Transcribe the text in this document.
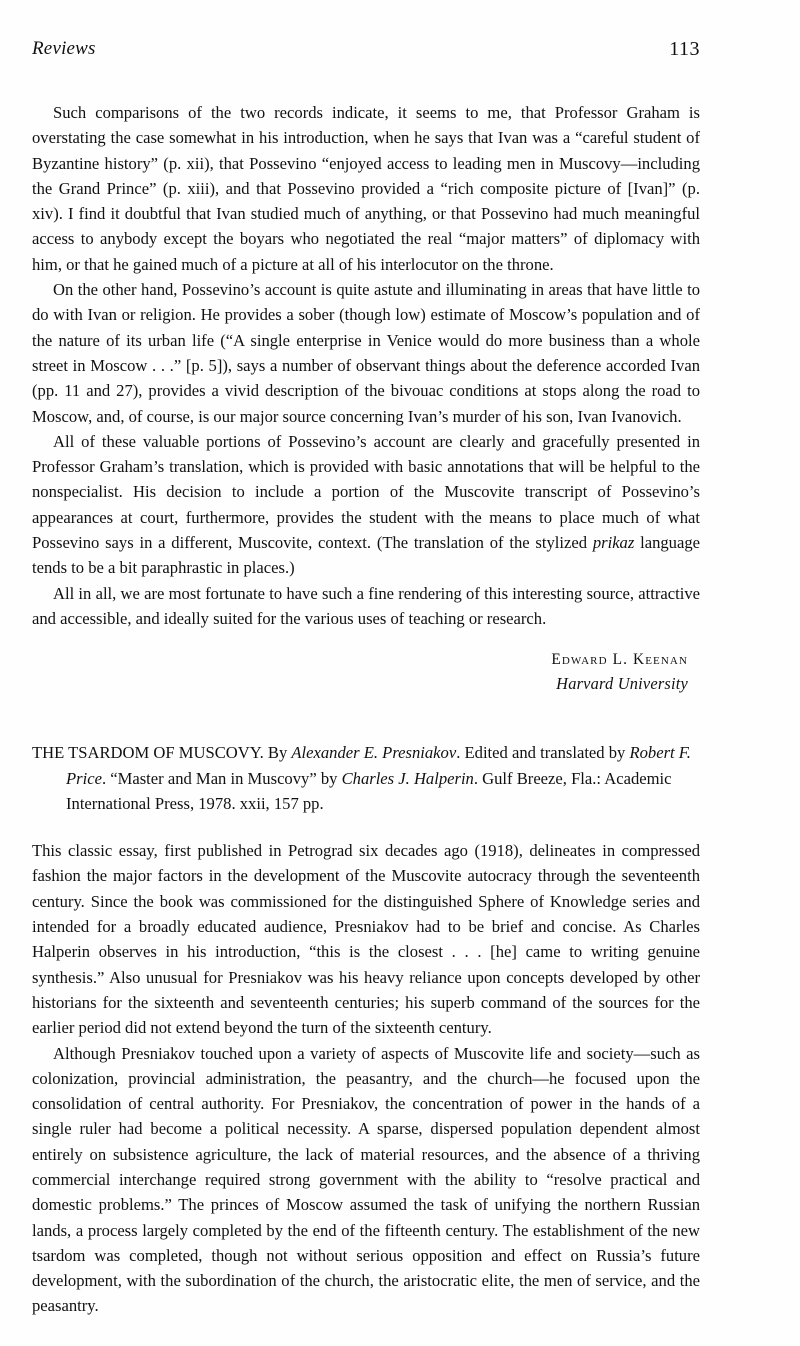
Reviews	113

Such comparisons of the two records indicate, it seems to me, that Professor Graham is overstating the case somewhat in his introduction, when he says that Ivan was a “careful student of Byzantine history” (p. xii), that Possevino “enjoyed access to leading men in Muscovy—including the Grand Prince” (p. xiii), and that Possevino provided a “rich composite picture of [Ivan]” (p. xiv). I find it doubtful that Ivan studied much of anything, or that Possevino had much meaningful access to anybody except the boyars who negotiated the real “major matters” of diplomacy with him, or that he gained much of a picture at all of his interlocutor on the throne.

On the other hand, Possevino’s account is quite astute and illuminating in areas that have little to do with Ivan or religion. He provides a sober (though low) estimate of Moscow’s population and of the nature of its urban life (“A single enterprise in Venice would do more business than a whole street in Moscow . . .” [p. 5]), says a number of observant things about the deference accorded Ivan (pp. 11 and 27), provides a vivid description of the bivouac conditions at stops along the road to Moscow, and, of course, is our major source concerning Ivan’s murder of his son, Ivan Ivanovich.

All of these valuable portions of Possevino’s account are clearly and gracefully presented in Professor Graham’s translation, which is provided with basic annotations that will be helpful to the nonspecialist. His decision to include a portion of the Muscovite transcript of Possevino’s appearances at court, furthermore, provides the student with the means to place much of what Possevino says in a different, Muscovite, context. (The translation of the stylized prikaz language tends to be a bit paraphrastic in places.)

All in all, we are most fortunate to have such a fine rendering of this interesting source, attractive and accessible, and ideally suited for the various uses of teaching or research.

Edward L. Keenan
Harvard University
THE TSARDOM OF MUSCOVY. By Alexander E. Presniakov. Edited and translated by Robert F. Price. “Master and Man in Muscovy” by Charles J. Halperin. Gulf Breeze, Fla.: Academic International Press, 1978. xxii, 157 pp.

This classic essay, first published in Petrograd six decades ago (1918), delineates in compressed fashion the major factors in the development of the Muscovite autocracy through the seventeenth century. Since the book was commissioned for the distinguished Sphere of Knowledge series and intended for a broadly educated audience, Presniakov had to be brief and concise. As Charles Halperin observes in his introduction, “this is the closest . . . [he] came to writing genuine synthesis.” Also unusual for Presniakov was his heavy reliance upon concepts developed by other historians for the sixteenth and seventeenth centuries; his superb command of the sources for the earlier period did not extend beyond the turn of the sixteenth century.

Although Presniakov touched upon a variety of aspects of Muscovite life and society—such as colonization, provincial administration, the peasantry, and the church—he focused upon the consolidation of central authority. For Presniakov, the concentration of power in the hands of a single ruler had become a political necessity. A sparse, dispersed population dependent almost entirely on subsistence agriculture, the lack of material resources, and the absence of a thriving commercial interchange required strong government with the ability to “resolve practical and domestic problems.” The princes of Moscow assumed the task of unifying the northern Russian lands, a process largely completed by the end of the fifteenth century. The establishment of the new tsardom was completed, though not without serious opposition and effect on Russia’s future development, with the subordination of the church, the aristocratic elite, the men of service, and the peasantry.
